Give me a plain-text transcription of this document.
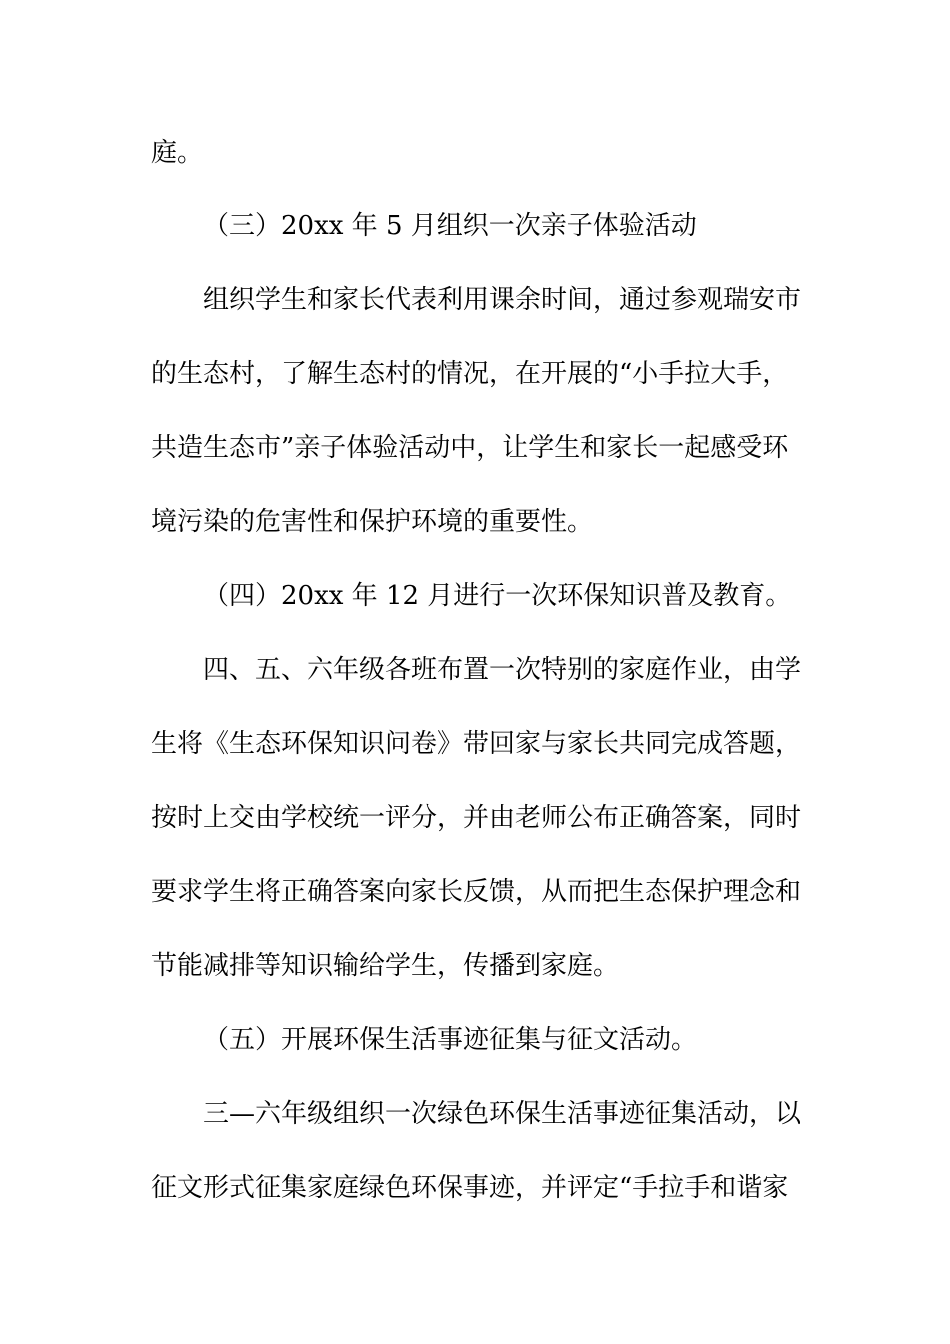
庭。
（三）20xx 年 5 月组织一次亲子体验活动
组织学生和家长代表利用课余时间，通过参观瑞安市
的生态村，了解生态村的情况，在开展的“小手拉大手，
共造生态市”亲子体验活动中，让学生和家长一起感受环
境污染的危害性和保护环境的重要性。
（四）20xx 年 12 月进行一次环保知识普及教育。
四、五、六年级各班布置一次特别的家庭作业，由学
生将《生态环保知识问卷》带回家与家长共同完成答题，
按时上交由学校统一评分，并由老师公布正确答案，同时
要求学生将正确答案向家长反馈，从而把生态保护理念和
节能减排等知识输给学生，传播到家庭。
（五）开展环保生活事迹征集与征文活动。
三—六年级组织一次绿色环保生活事迹征集活动，以
征文形式征集家庭绿色环保事迹，并评定“手拉手和谐家
